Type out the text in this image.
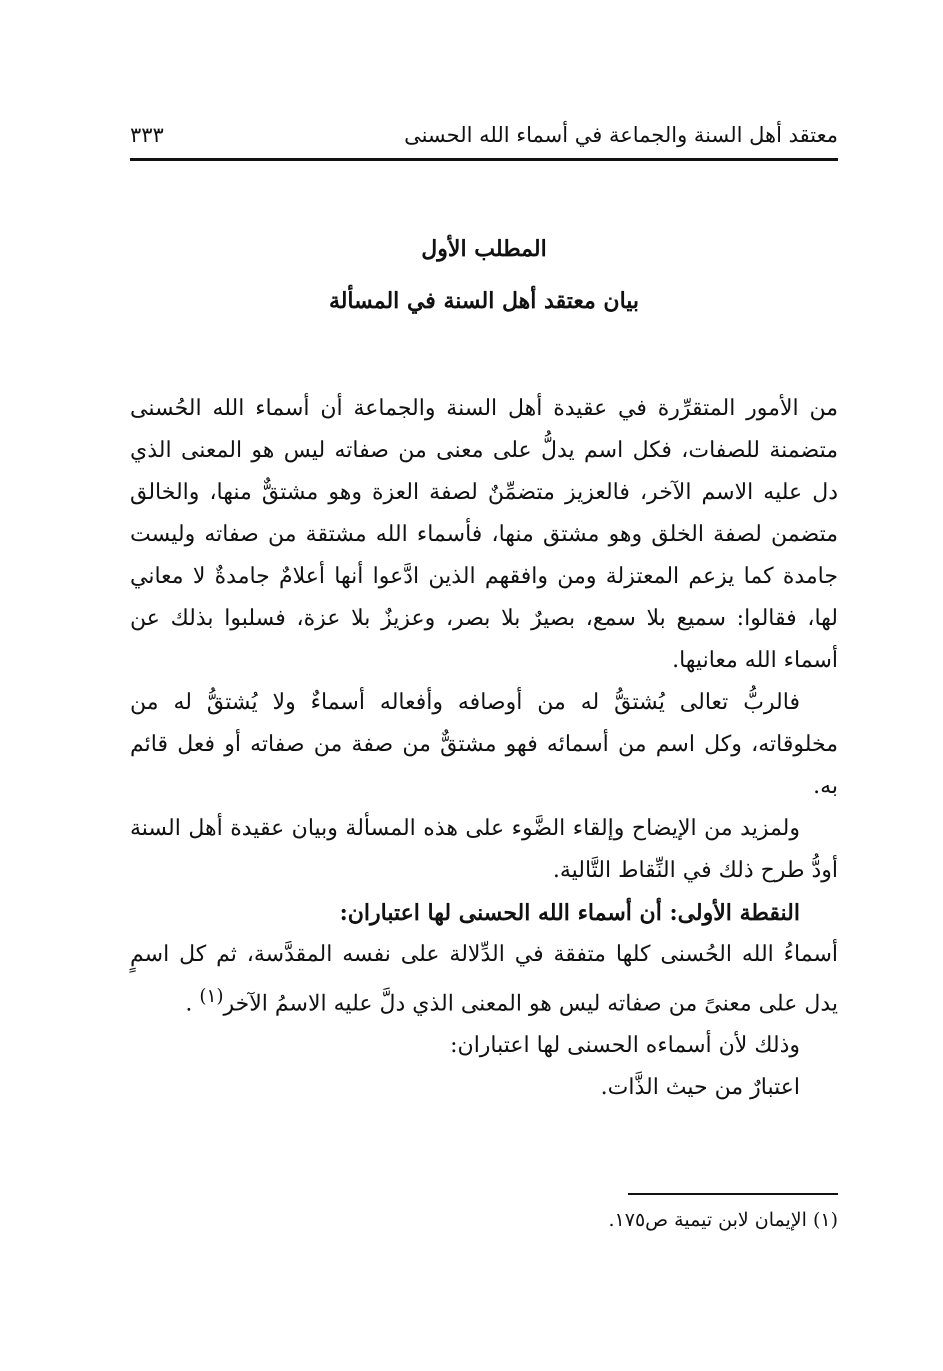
معتقد أهل السنة والجماعة في أسماء الله الحسنى
٣٣٣
المطلب الأول
بيان معتقد أهل السنة في المسألة

من الأمور المتقرِّرة في عقيدة أهل السنة والجماعة أن أسماء الله الحُسنى متضمنة للصفات، فكل اسم يدلُّ على معنى من صفاته ليس هو المعنى الذي دل عليه الاسم الآخر، فالعزيز متضمِّنٌ لصفة العزة وهو مشتقٌّ منها، والخالق متضمن لصفة الخلق وهو مشتق منها، فأسماء الله مشتقة من صفاته وليست جامدة كما يزعم المعتزلة ومن وافقهم الذين ادَّعوا أنها أعلامٌ جامدةٌ لا معاني لها، فقالوا: سميع بلا سمع، بصيرٌ بلا بصر، وعزيزٌ بلا عزة، فسلبوا بذلك عن أسماء الله معانيها.

فالربُّ تعالى يُشتقُّ له من أوصافه وأفعاله أسماءٌ ولا يُشتقُّ له من مخلوقاته، وكل اسم من أسمائه فهو مشتقٌّ من صفة من صفاته أو فعل قائم به.

ولمزيد من الإيضاح وإلقاء الضَّوء على هذه المسألة وبيان عقيدة أهل السنة أودُّ طرح ذلك في النِّقاط التَّالية.

النقطة الأولى: أن أسماء الله الحسنى لها اعتباران:

أسماءُ الله الحُسنى كلها متفقة في الدِّلالة على نفسه المقدَّسة، ثم كل اسمٍ يدل على معنىً من صفاته ليس هو المعنى الذي دلَّ عليه الاسمُ الآخر$^{(١)}$ .

وذلك لأن أسماءه الحسنى لها اعتباران:

اعتبارٌ من حيث الذَّات.

(١) الإيمان لابن تيمية ص١٧٥.
